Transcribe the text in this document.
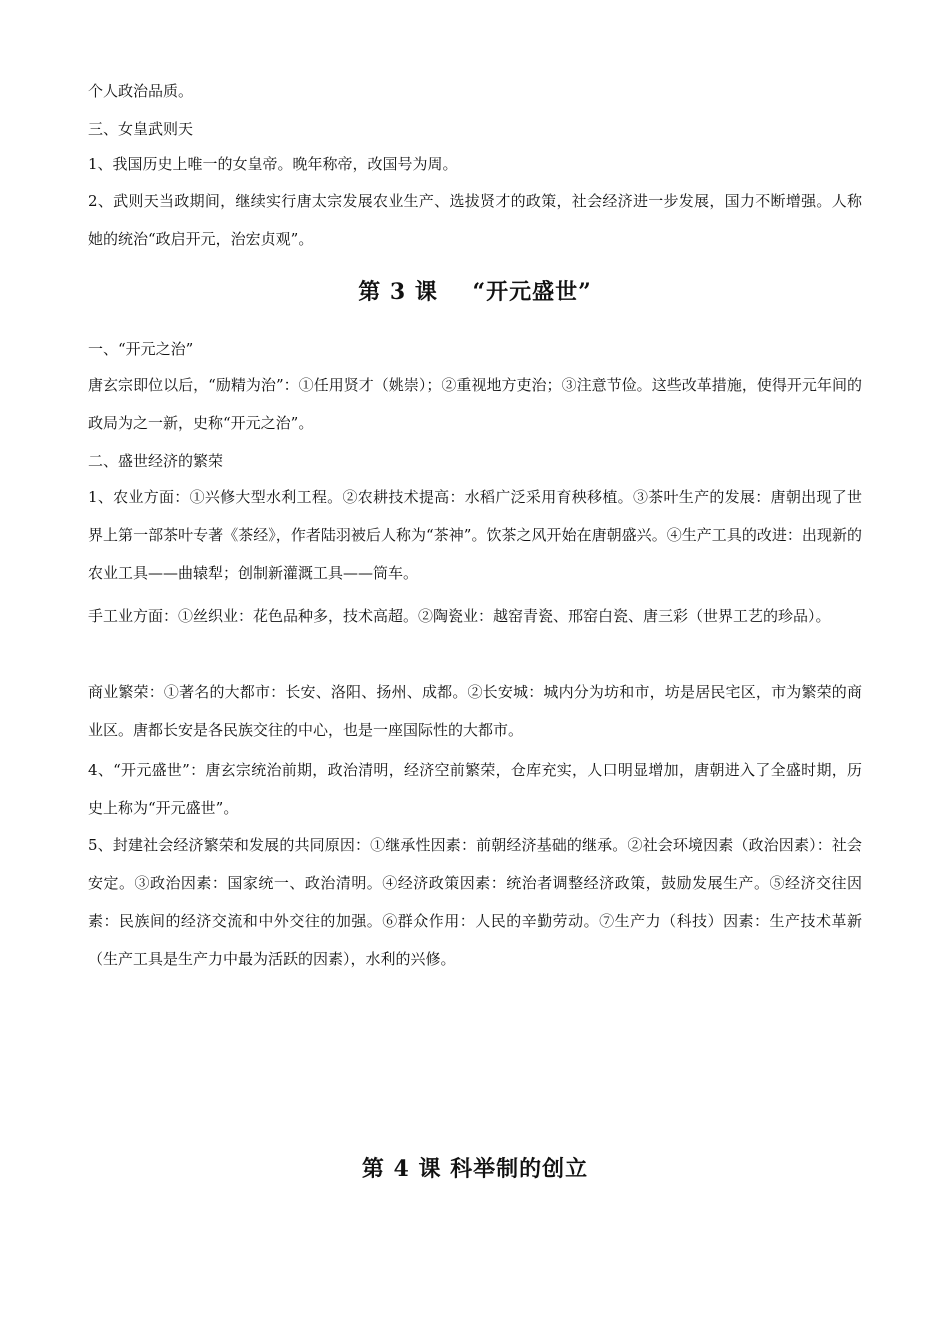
个人政治品质。

三、女皇武则天

1、我国历史上唯一的女皇帝。晚年称帝，改国号为周。

2、武则天当政期间，继续实行唐太宗发展农业生产、选拔贤才的政策，社会经济进一步发展，国力不断增强。人称她的统治“政启开元，治宏贞观”。

第 3 课 “开元盛世”

一、“开元之治”

唐玄宗即位以后，“励精为治”：①任用贤才（姚崇）；②重视地方吏治；③注意节俭。这些改革措施，使得开元年间的政局为之一新，史称“开元之治”。

二、盛世经济的繁荣

1、农业方面：①兴修大型水利工程。②农耕技术提高：水稻广泛采用育秧移植。③茶叶生产的发展：唐朝出现了世界上第一部茶叶专著《茶经》，作者陆羽被后人称为“茶神”。饮茶之风开始在唐朝盛兴。④生产工具的改进：出现新的农业工具——曲辕犁；创制新灌溉工具——筒车。

手工业方面：①丝织业：花色品种多，技术高超。②陶瓷业：越窑青瓷、邢窑白瓷、唐三彩（世界工艺的珍品）。

商业繁荣：①著名的大都市：长安、洛阳、扬州、成都。②长安城：城内分为坊和市，坊是居民宅区，市为繁荣的商业区。唐都长安是各民族交往的中心，也是一座国际性的大都市。

4、“开元盛世”：唐玄宗统治前期，政治清明，经济空前繁荣，仓库充实，人口明显增加，唐朝进入了全盛时期，历史上称为“开元盛世”。

5、封建社会经济繁荣和发展的共同原因：①继承性因素：前朝经济基础的继承。②社会环境因素（政治因素）：社会安定。③政治因素：国家统一、政治清明。④经济政策因素：统治者调整经济政策，鼓励发展生产。⑤经济交往因素：民族间的经济交流和中外交往的加强。⑥群众作用：人民的辛勤劳动。⑦生产力（科技）因素：生产技术革新（生产工具是生产力中最为活跃的因素），水利的兴修。

第 4 课 科举制的创立
